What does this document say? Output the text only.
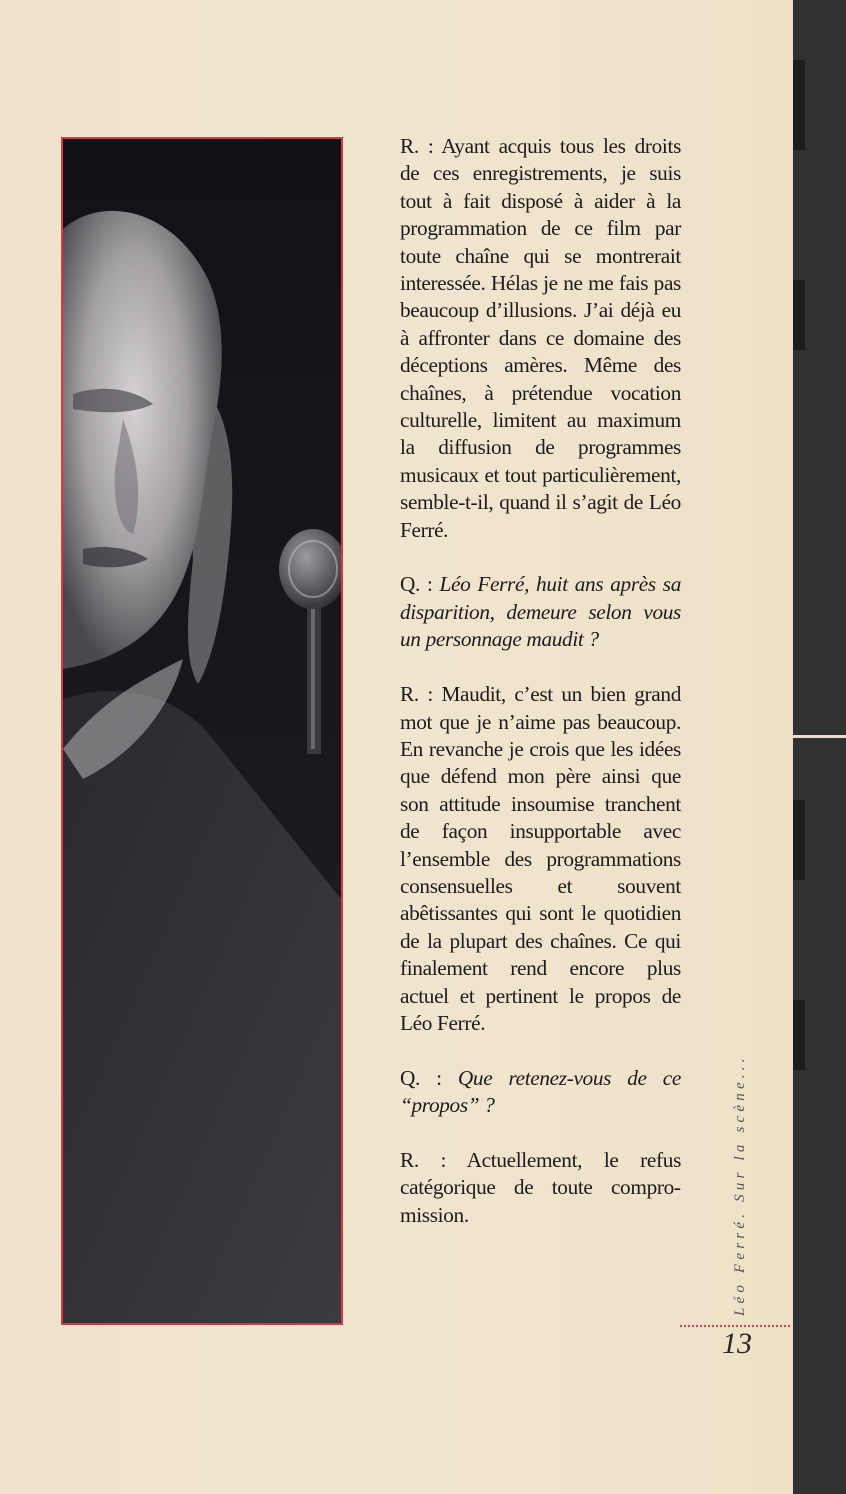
R. : Ayant acquis tous les droits de ces enregistrements, je suis tout à fait disposé à aider à la programmation de ce film par toute chaîne qui se montrerait interessée. Hélas je ne me fais pas beaucoup d’illusions. J’ai déjà eu à affronter dans ce domaine des déceptions amères. Même des chaînes, à prétendue vocation culturelle, limitent au maximum la diffusion de programmes musicaux et tout particulièrement, semble-t-il, quand il s’agit de Léo Ferré.

Q. : Léo Ferré, huit ans après sa disparition, demeure selon vous un personnage maudit ?

R. : Maudit, c’est un bien grand mot que je n’aime pas beaucoup. En revanche je crois que les idées que défend mon père ainsi que son attitude insoumise tranchent de façon insupportable avec l’ensemble des programmations consensuelles et souvent abêtissantes qui sont le quotidien de la plupart des chaînes. Ce qui finalement rend encore plus actuel et pertinent le propos de Léo Ferré.

Q. : Que retenez-vous de ce “propos” ?

R. : Actuellement, le refus catégorique de toute compromission.	Léo Ferré. Sur la scène...
13
